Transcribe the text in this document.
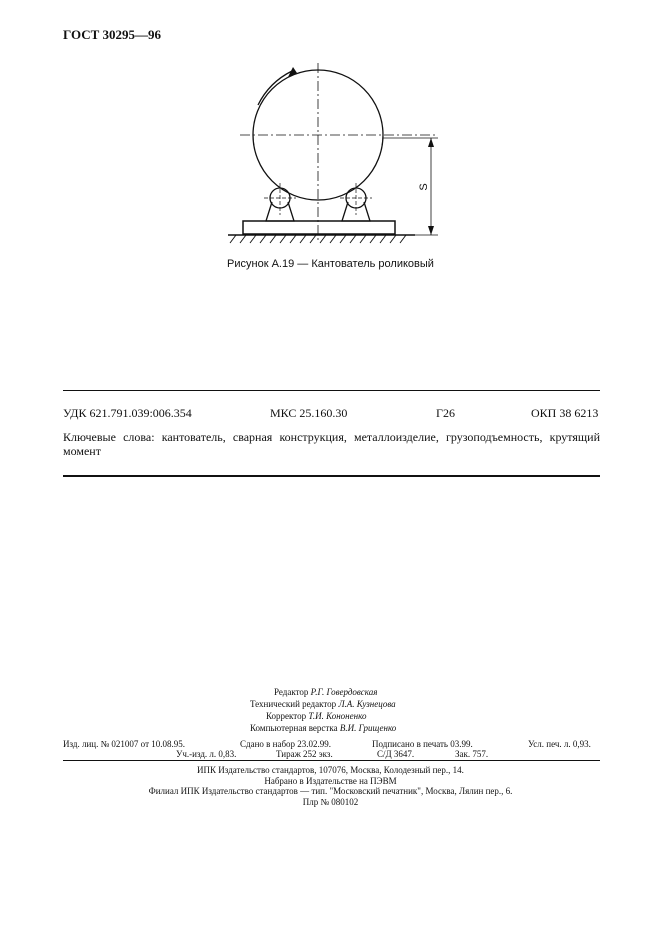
ГОСТ 30295—96
S
Рисунок А.19 — Кантователь роликовый
УДК 621.791.039:006.354	МКС 25.160.30	Г26	ОКП 38 6213
Ключевые слова: кантователь, сварная конструкция, металлоизделие, грузоподъемность, крутящий момент
Редактор Р.Г. Говердовская
Технический редактор Л.А. Кузнецова
Корректор Т.И. Кононенко
Компьютерная верстка В.И. Грищенко
Изд. лиц. № 021007 от 10.08.95.	Сдано в набор 23.02.99.	Подписано в печать 03.99.	Усл. печ. л. 0,93.
Уч.-изд. л. 0,83.	Тираж 252 экз.	С/Д 3647.	Зак. 757.
ИПК Издательство стандартов, 107076, Москва, Колодезный пер., 14.
Набрано в Издательстве на ПЭВМ
Филиал ИПК Издательство стандартов — тип. "Московский печатник", Москва, Лялин пер., 6.
Плр № 080102
